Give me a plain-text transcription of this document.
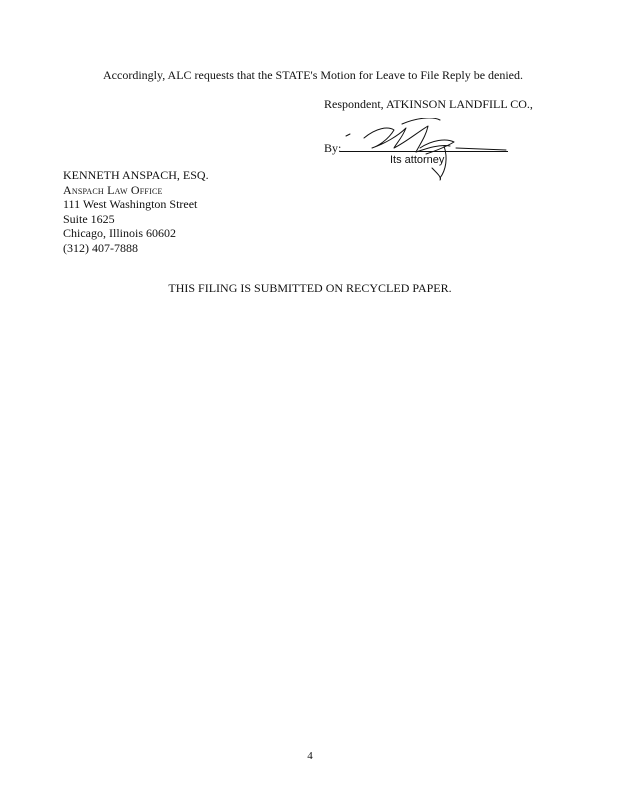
Accordingly, ALC requests that the STATE's Motion for Leave to File Reply be denied.
Respondent, ATKINSON LANDFILL CO.,
By:
Its attorney
KENNETH ANSPACH, ESQ.
Anspach Law Office
111 West Washington Street
Suite 1625
Chicago, Illinois 60602
(312) 407-7888
THIS FILING IS SUBMITTED ON RECYCLED PAPER.
4
